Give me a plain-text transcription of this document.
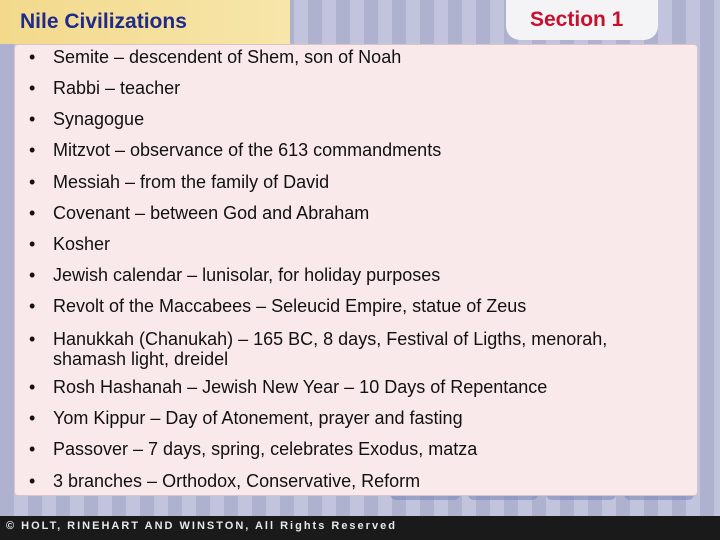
Nile Civilizations	Section 1
• Semite – descendent of Shem, son of Noah
• Rabbi – teacher
• Synagogue
• Mitzvot – observance of the 613 commandments
• Messiah – from the family of David
• Covenant – between God and Abraham
• Kosher
• Jewish calendar – lunisolar, for holiday purposes
• Revolt of the Maccabees – Seleucid Empire, statue of Zeus
• Hanukkah (Chanukah) – 165 BC, 8 days, Festival of Ligths, menorah, shamash light, dreidel
• Rosh Hashanah – Jewish New Year – 10 Days of Repentance
• Yom Kippur – Day of Atonement, prayer and fasting
• Passover – 7 days, spring, celebrates Exodus, matza
• 3 branches – Orthodox, Conservative, Reform
© HOLT, RINEHART AND WINSTON, All Rights Reserved
